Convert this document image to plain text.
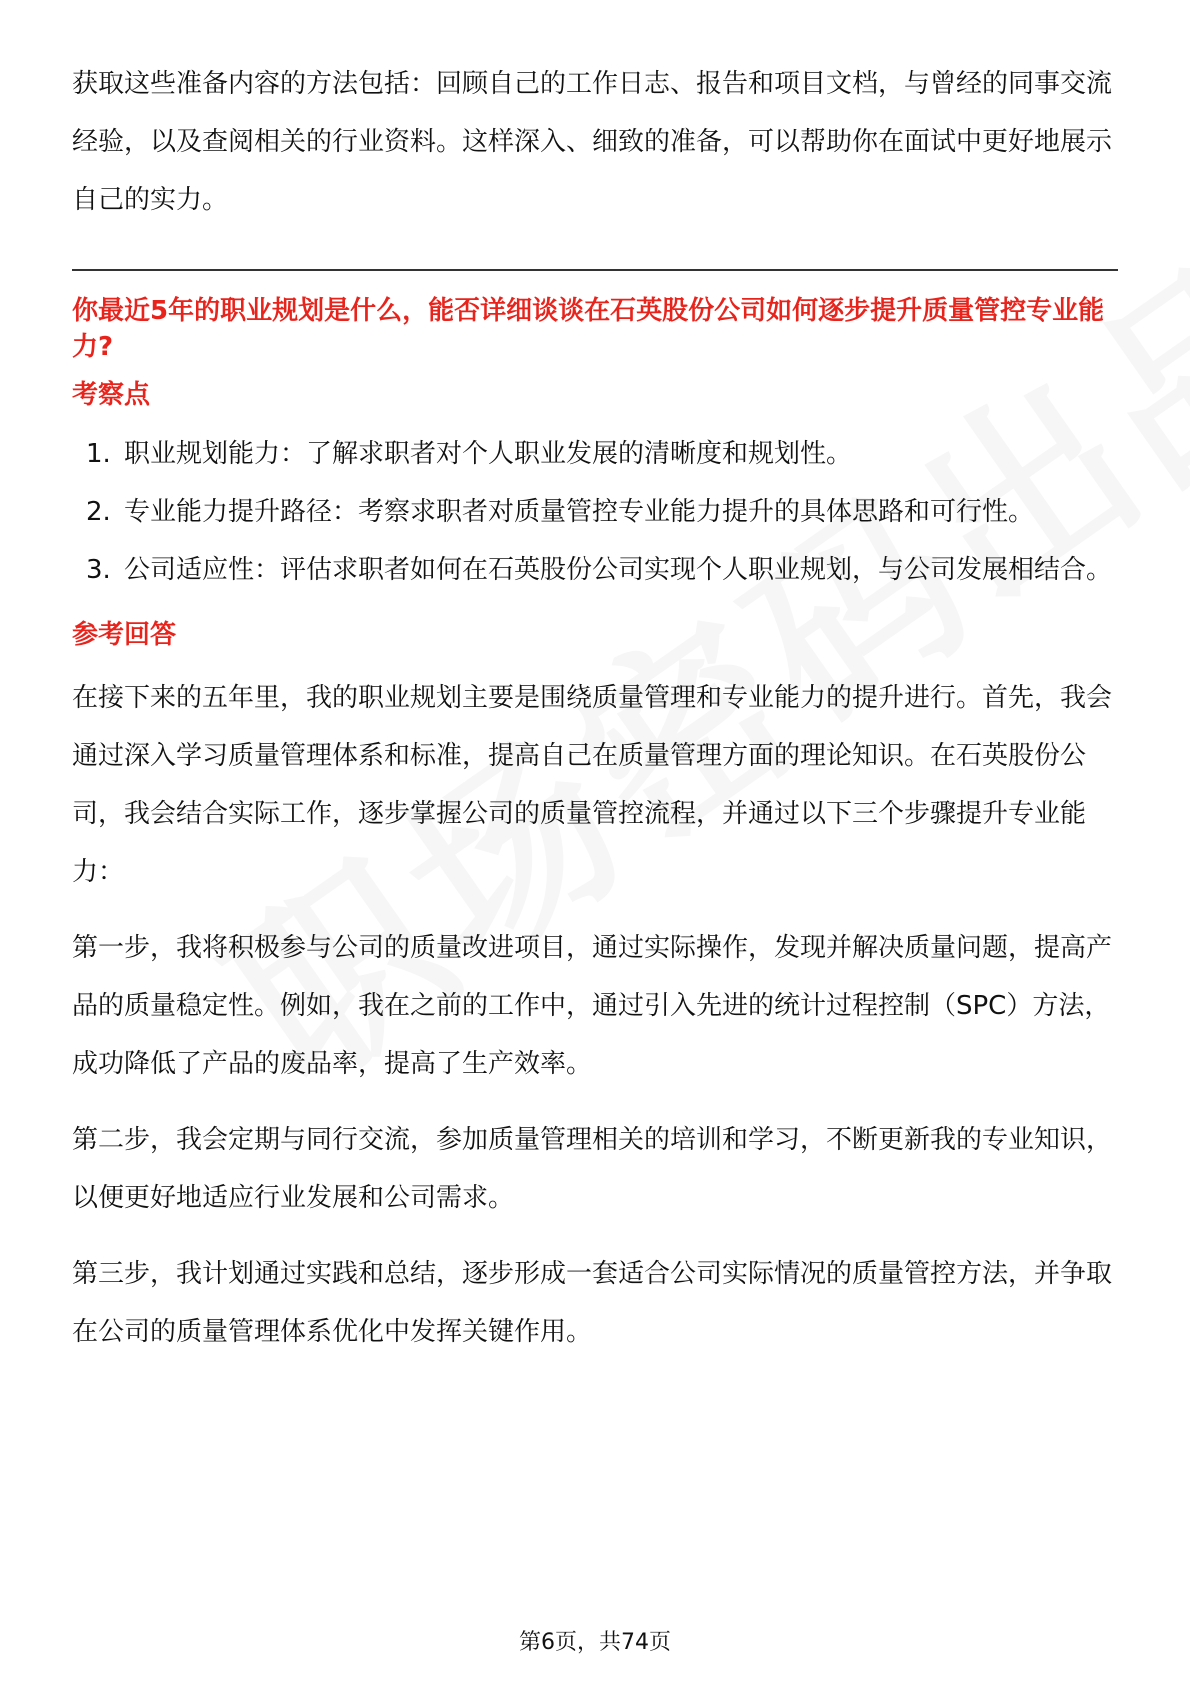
获取这些准备内容的方法包括：回顾自己的工作日志、报告和项目文档，与曾经的同事交流经验，以及查阅相关的行业资料。这样深入、细致的准备，可以帮助你在面试中更好地展示自己的实力。

你最近5年的职业规划是什么，能否详细谈谈在石英股份公司如何逐步提升质量管控专业能力?
考察点
1. 职业规划能力：了解求职者对个人职业发展的清晰度和规划性。
2. 专业能力提升路径：考察求职者对质量管控专业能力提升的具体思路和可行性。
3. 公司适应性：评估求职者如何在石英股份公司实现个人职业规划，与公司发展相结合。
参考回答

在接下来的五年里，我的职业规划主要是围绕质量管理和专业能力的提升进行。首先，我会通过深入学习质量管理体系和标准，提高自己在质量管理方面的理论知识。在石英股份公司，我会结合实际工作，逐步掌握公司的质量管控流程，并通过以下三个步骤提升专业能力：

第一步，我将积极参与公司的质量改进项目，通过实际操作，发现并解决质量问题，提高产品的质量稳定性。例如，我在之前的工作中，通过引入先进的统计过程控制（SPC）方法，成功降低了产品的废品率，提高了生产效率。

第二步，我会定期与同行交流，参加质量管理相关的培训和学习，不断更新我的专业知识，以便更好地适应行业发展和公司需求。

第三步，我计划通过实践和总结，逐步形成一套适合公司实际情况的质量管控方法，并争取在公司的质量管理体系优化中发挥关键作用。

第6页，共74页
